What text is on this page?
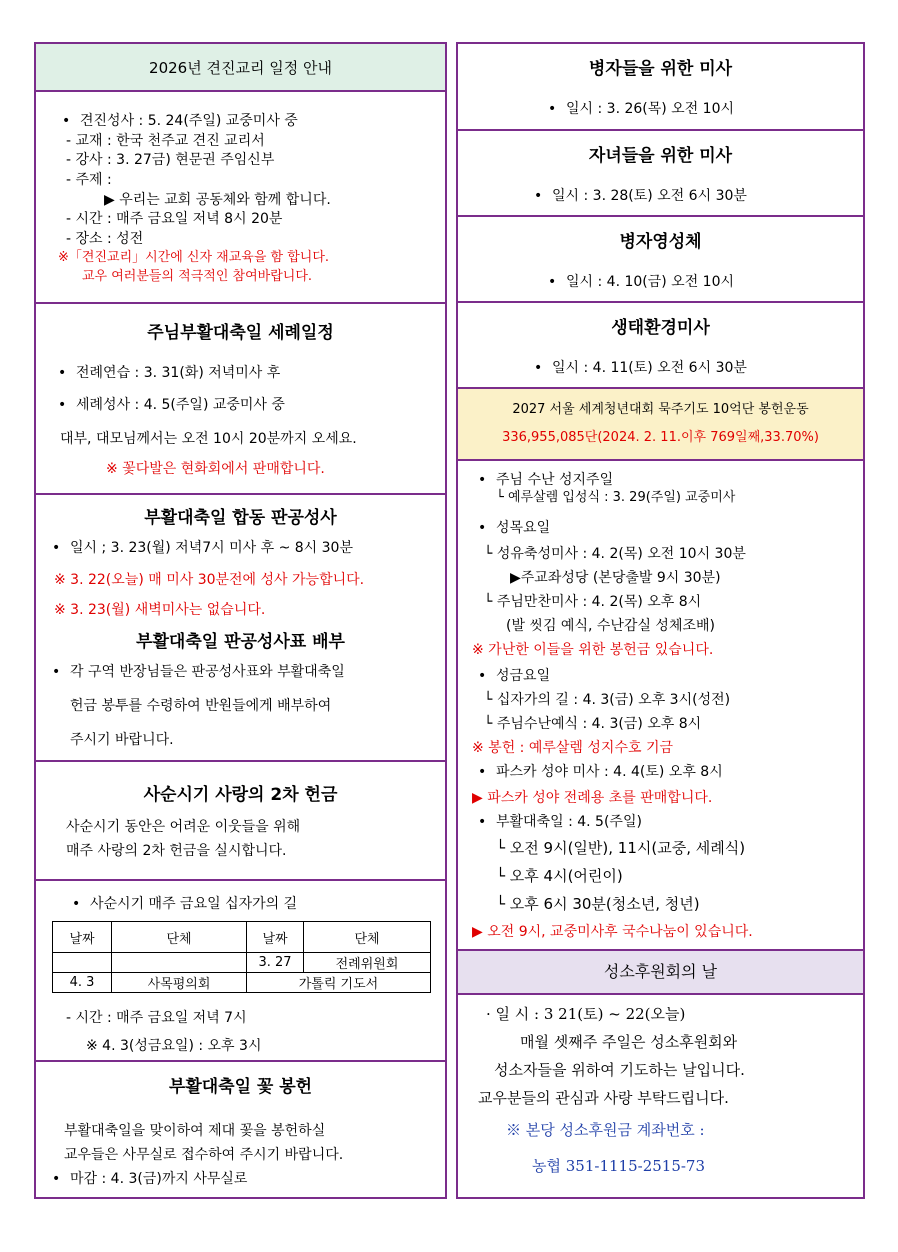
2026년 견진교리 일정 안내
• 견진성사 : 5. 24(주일) 교중미사 중
- 교재 : 한국 천주교 견진 교리서
- 강사 : 3. 27금) 현문권 주임신부
- 주제 :
▶ 우리는 교회 공동체와 함께 합니다.
- 시간 : 매주 금요일 저녁 8시 20분
- 장소 : 성전
※「견진교리」시간에 신자 재교육을 함 합니다.
교우 여러분들의 적극적인 참여바랍니다.
주님부활대축일 세례일정
• 전례연습 : 3. 31(화) 저녁미사 후
• 세례성사 : 4. 5(주일) 교중미사 중
대부, 대모님께서는 오전 10시 20분까지 오세요.
※ 꽃다발은 현화회에서 판매합니다.
부활대축일 합동 판공성사
• 일시 ; 3. 23(월) 저녁7시 미사 후 ~ 8시 30분
※ 3. 22(오늘) 매 미사 30분전에 성사 가능합니다.
※ 3. 23(월) 새벽미사는 없습니다.
부활대축일 판공성사표 배부
• 각 구역 반장님들은 판공성사표와 부활대축일
헌금 봉투를 수령하여 반원들에게 배부하여
주시기 바랍니다.
사순시기 사랑의 2차 헌금
사순시기 동안은 어려운 이웃들을 위해
매주 사랑의 2차 헌금을 실시합니다.
• 사순시기 매주 금요일 십자가의 길
날짜	단체	날짜	단체
		3. 27	전례위원회
4. 3	사목평의회	가톨릭 기도서	
- 시간 : 매주 금요일 저녁 7시
※ 4. 3(성금요일) : 오후 3시
부활대축일 꽃 봉헌
부활대축일을 맞이하여 제대 꽃을 봉헌하실
교우들은 사무실로 접수하여 주시기 바랍니다.
• 마감 : 4. 3(금)까지 사무실로
병자들을 위한 미사
• 일시 : 3. 26(목) 오전 10시
자녀들을 위한 미사
• 일시 : 3. 28(토) 오전 6시 30분
병자영성체
• 일시 : 4. 10(금) 오전 10시
생태환경미사
• 일시 : 4. 11(토) 오전 6시 30분
2027 서울 세계청년대회 묵주기도 10억단 봉헌운동
336,955,085단(2024. 2. 11.이후 769일째,33.70%)
• 주님 수난 성지주일
└ 예루살렘 입성식 : 3. 29(주일) 교중미사
• 성목요일
└ 성유축성미사 : 4. 2(목) 오전 10시 30분
▶주교좌성당 (본당출발 9시 30분)
└ 주님만찬미사 : 4. 2(목) 오후 8시
(발 씻김 예식, 수난감실 성체조배)
※ 가난한 이들을 위한 봉헌금 있습니다.
• 성금요일
└ 십자가의 길 : 4. 3(금) 오후 3시(성전)
└ 주님수난예식 : 4. 3(금) 오후 8시
※ 봉헌 : 예루살렘 성지수호 기금
• 파스카 성야 미사 : 4. 4(토) 오후 8시
▶ 파스카 성야 전례용 초를 판매합니다.
• 부활대축일 : 4. 5(주일)
└ 오전 9시(일반), 11시(교중, 세례식)
└ 오후 4시(어린이)
└ 오후 6시 30분(청소년, 청년)
▶ 오전 9시, 교중미사후 국수나눔이 있습니다.
성소후원회의 날
· 일 시 : 3 21(토) ~ 22(오늘)
매월 셋째주 주일은 성소후원회와
성소자들을 위하여 기도하는 날입니다.
교우분들의 관심과 사랑 부탁드립니다.
※ 본당 성소후원금 계좌번호 :
농협 351-1115-2515-73
